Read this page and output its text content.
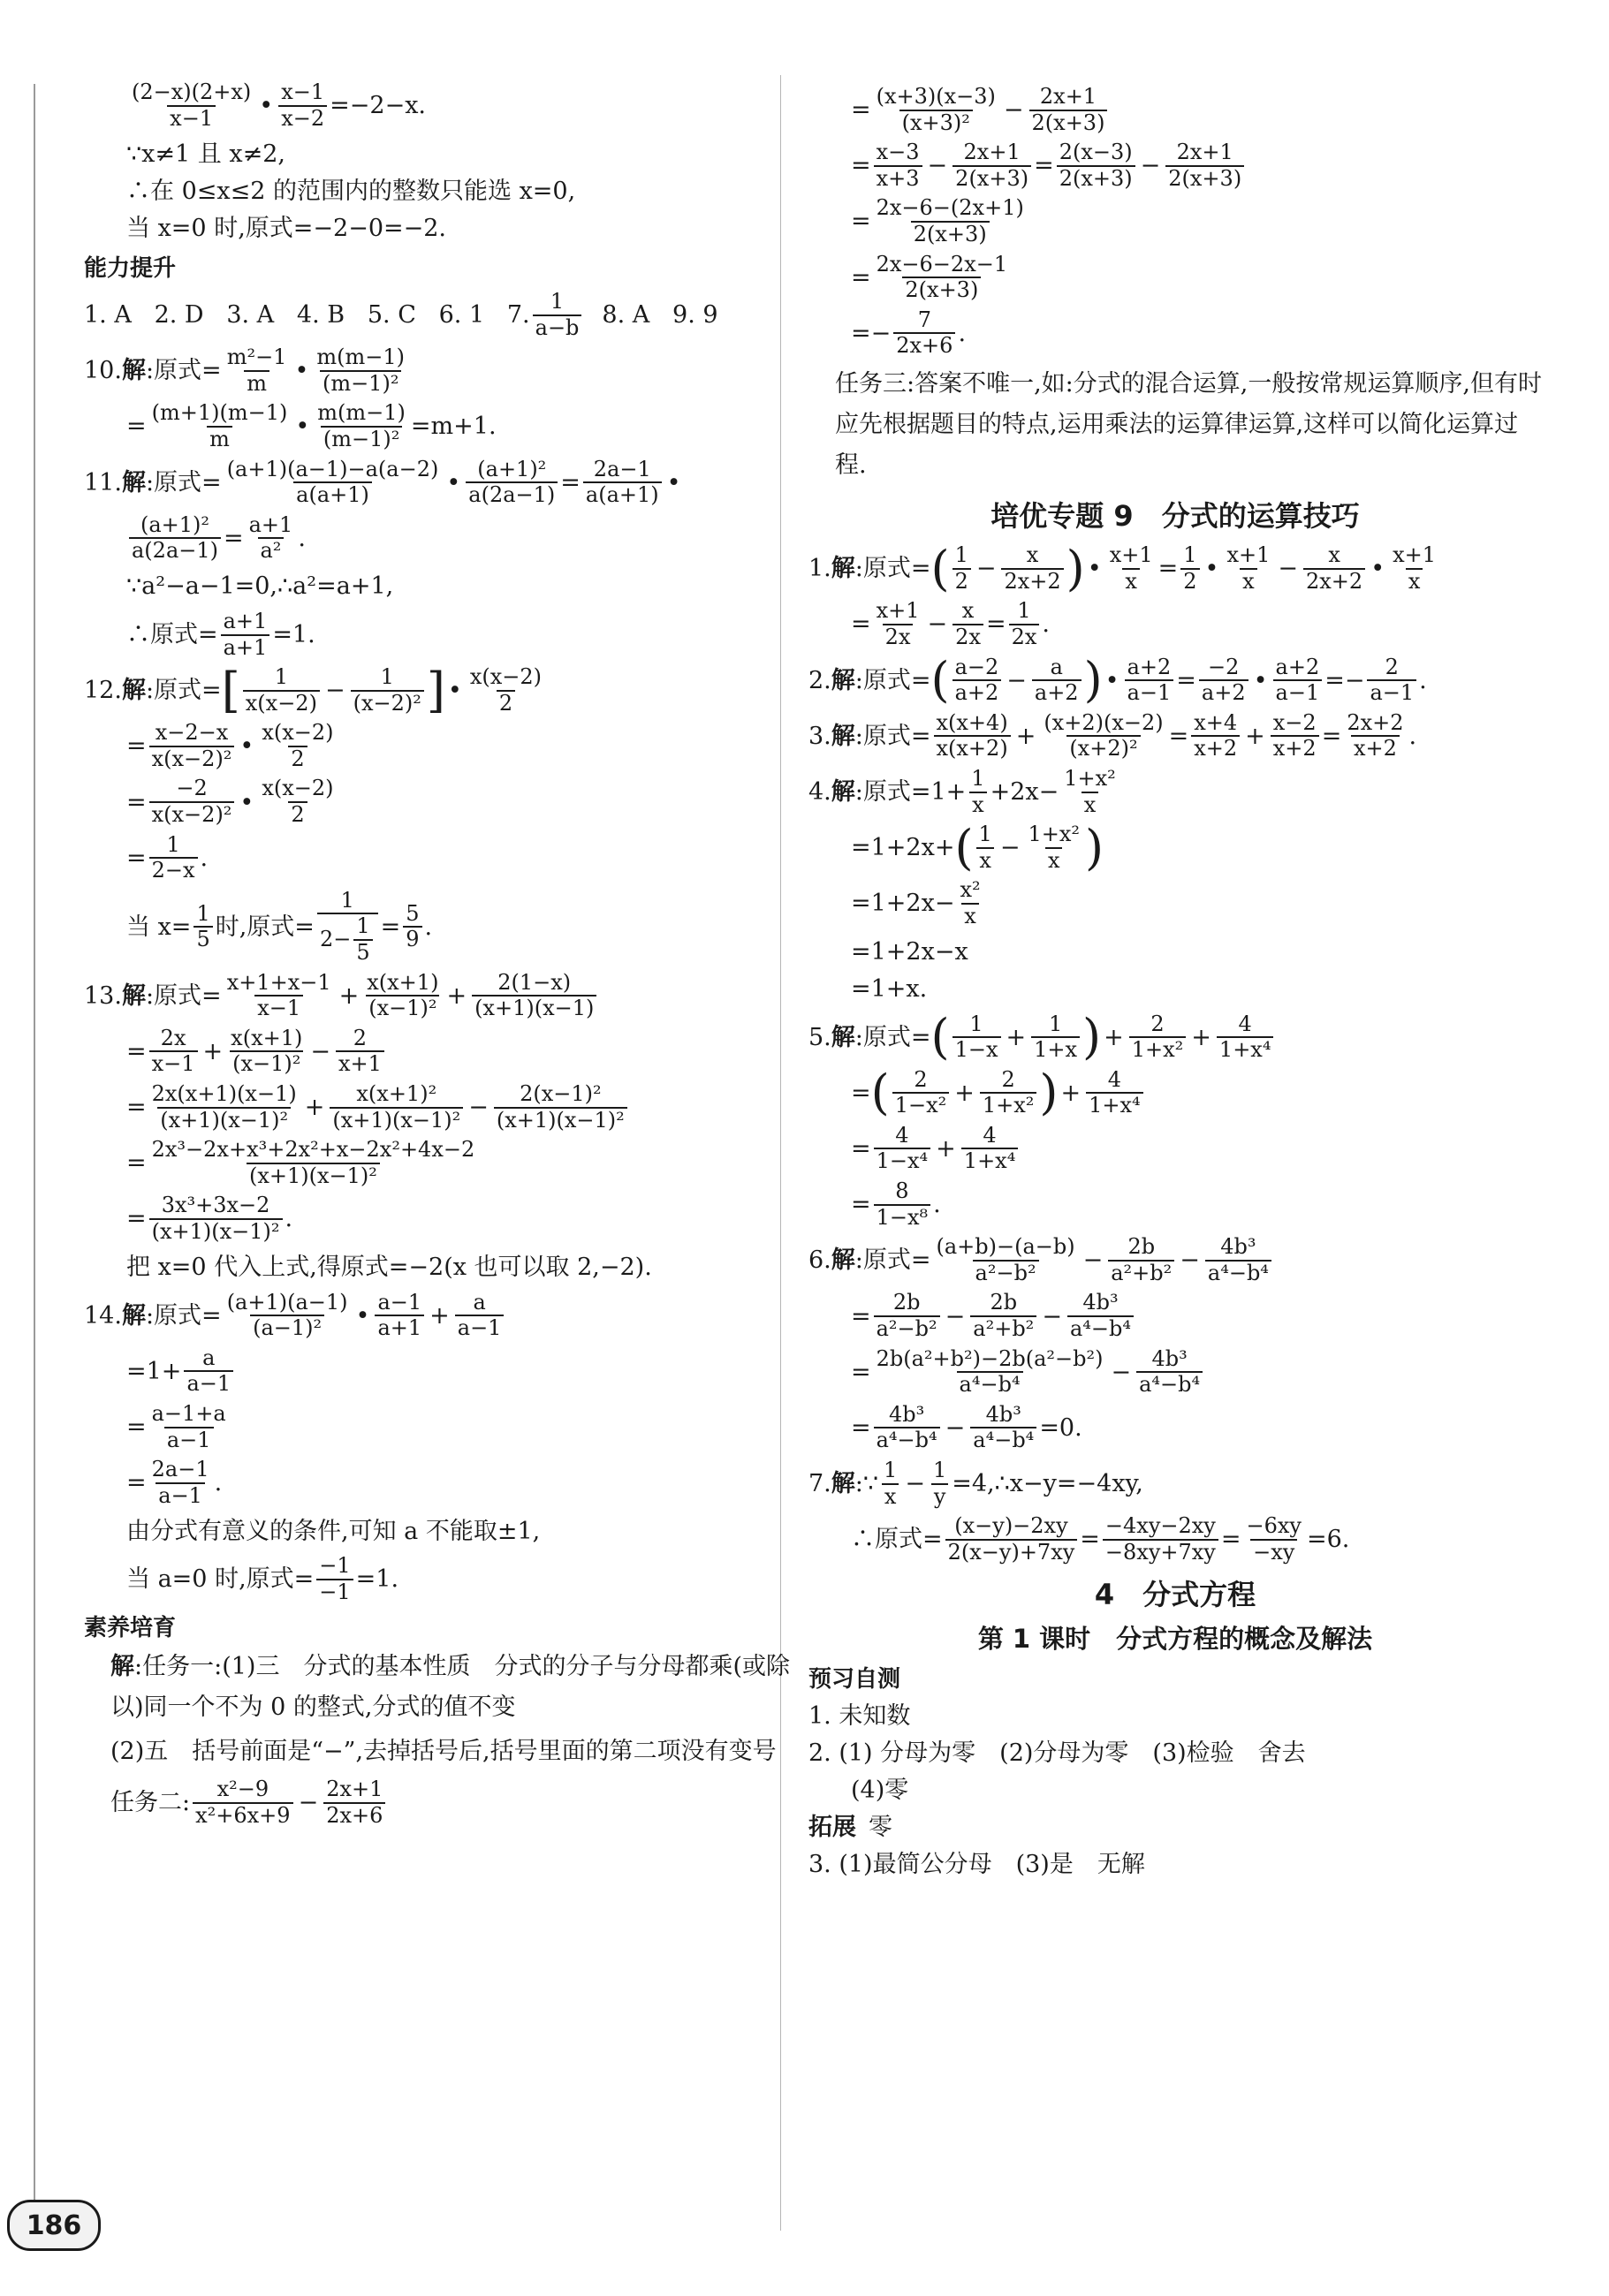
$\frac{(2-x)(2+x)}{x-1}$ • $\frac{x-1}{x-2} =-2-x$.
∵x≠1 且 x≠2,
∴在 0≤x≤2 的范围内的整数只能选 x=0,
当 x=0 时,原式=−2−0=−2.
能力提升
1. A   2. D   3. A   4. B   5. C   6. 1   7. $\frac{1}{a-b} 8$. A   9. 9
10. 解 :原式= $\frac{\text{m²−1}}{m}$ • $\frac{m(m-1)}{\text{(m−1)²}}$
= $\frac{(m+1)(m-1)}{m}$ • $\frac{m(m-1)}{\text{(m−1)²}} =m+1$.
11. 解 :原式= $\frac{(a+1)(a-1)-a(a-2)}{a(a+1)}$ • $\frac{\text{(a+1)²}}{a(2a-1)} = \frac{2a-1}{a(a+1)}$ •
$\frac{\text{(a+1)²}}{a(2a-1)} = \frac{a+1}{\text{a²}}$ .
∵a²−a−1=0,∴a²=a+1,
∴原式= $\frac{a+1}{a+1} =1$.
12. 解 :原式= [ $\frac{1}{x(x-2)} - \frac{1}{\text{(x−2)²}}$ ] • $\frac{x(x-2)}{2}$
= $\frac{x-2-x}{\text{x(x−2)²}}$ • $\frac{x(x-2)}{2}$
= $\frac{-2}{\text{x(x−2)²}}$ • $\frac{x(x-2)}{2}$
= $\frac{1}{2-x}$ .
当 $x= \frac{1}{5}$ 时,原式= $\frac{1}{2- \frac{1}{5}} = \frac{5}{9}$ .
13. 解 :原式= $\frac{x+1+x-1}{x-1} + \frac{x(x+1)}{\text{(x−1)²}} + \frac{2(1-x)}{(x+1)(x-1)}$
= $\frac{2x}{x-1} + \frac{x(x+1)}{\text{(x−1)²}} - \frac{2}{x+1}$
= $\frac{2x(x+1)(x-1)}{\text{(x+1)(x−1)²}} + \frac{\text{x(x+1)²}}{\text{(x+1)(x−1)²}} - \frac{\text{2(x−1)²}}{\text{(x+1)(x−1)²}}$
= $\frac{\text{2x³−2x+x³+2x²+x−2x²+4x−2}}{\text{(x+1)(x−1)²}}$
= $\frac{\text{3x³+3x−2}}{\text{(x+1)(x−1)²}}$ .
把 x=0 代入上式,得原式=−2(x 也可以取 2,−2).
14. 解 :原式= $\frac{(a+1)(a-1)}{\text{(a−1)²}}$ • $\frac{a-1}{a+1} + \frac{a}{a-1}$
$=1+ \frac{a}{a-1}$
= $\frac{a-1+a}{a-1}$
= $\frac{2a-1}{a-1}$ .
由分式有意义的条件,可知 a 不能取±1,
当 a=0 时,原式= $\frac{-1}{-1} =1$.
素养培育
解:任务一:(1)三　分式的基本性质　分式的分子与分母都乘(或除以)同一个不为 0 的整式,分式的值不变
(2)五　括号前面是“−”,去掉括号后,括号里面的第二项没有变号
任务二: $\frac{\text{x²−9}}{\text{x²+6x+9}} - \frac{2x+1}{2x+6}$
= $\frac{(x+3)(x-3)}{\text{(x+3)²}} - \frac{2x+1}{2(x+3)}$
= $\frac{x-3}{x+3} - \frac{2x+1}{2(x+3)} = \frac{2(x-3)}{2(x+3)} - \frac{2x+1}{2(x+3)}$
= $\frac{2x-6-(2x+1)}{2(x+3)}$
= $\frac{2x-6-2x-1}{2(x+3)}$
=− $\frac{7}{2x+6}$ .
任务三:答案不唯一,如:分式的混合运算,一般按常规运算顺序,但有时应先根据题目的特点,运用乘法的运算律运算,这样可以简化运算过程.
培优专题 9　分式的运算技巧
1. 解 :原式= ( $\frac{1}{2} - \frac{x}{2x+2}$ ) • $\frac{x+1}{x} = \frac{1}{2}$ • $\frac{x+1}{x} - \frac{x}{2x+2}$ • $\frac{x+1}{x}$
= $\frac{x+1}{2x} - \frac{x}{2x} = \frac{1}{2x}$ .
2. 解 :原式= ( $\frac{a-2}{a+2} - \frac{a}{a+2}$ ) • $\frac{a+2}{a-1} = \frac{-2}{a+2}$ • $\frac{a+2}{a-1} =- \frac{2}{a-1}$ .
3. 解 :原式= $\frac{x(x+4)}{x(x+2)} + \frac{(x+2)(x-2)}{\text{(x+2)²}} = \frac{x+4}{x+2} + \frac{x-2}{x+2} = \frac{2x+2}{x+2}$ .
4. 解 :原式$=1+ \frac{1}{x} +2x- \frac{\text{1+x²}}{x}$
=1+2x+ ( $\frac{1}{x} - \frac{\text{1+x²}}{x}$ )
$=1+2x- \frac{\text{x²}}{x}$
=1+2x−x
=1+x.
5. 解 :原式= ( $\frac{1}{1-x} + \frac{1}{1+x}$ ) + $\frac{2}{\text{1+x²}} + \frac{4}{\text{1+x⁴}}$
= ( $\frac{2}{\text{1−x²}} + \frac{2}{\text{1+x²}}$ ) + $\frac{4}{\text{1+x⁴}}$
= $\frac{4}{\text{1−x⁴}} + \frac{4}{\text{1+x⁴}}$
= $\frac{8}{\text{1−x⁸}}$ .
6. 解 :原式= $\frac{(a+b)-(a-b)}{\text{a²−b²}} - \frac{2b}{\text{a²+b²}} - \frac{\text{4b³}}{\text{a⁴−b⁴}}$
= $\frac{2b}{\text{a²−b²}} - \frac{2b}{\text{a²+b²}} - \frac{\text{4b³}}{\text{a⁴−b⁴}}$
= $\frac{\text{2b(a²+b²)−2b(a²−b²)}}{\text{a⁴−b⁴}} - \frac{\text{4b³}}{\text{a⁴−b⁴}}$
= $\frac{\text{4b³}}{\text{a⁴−b⁴}} - \frac{\text{4b³}}{\text{a⁴−b⁴}} =0$.
7. 解 :∵ $\frac{1}{x} - \frac{1}{y}$ =4,∴x−y=−4xy,
∴原式= $\frac{(x-y)-2xy}{2(x-y)+7xy} = \frac{-4xy-2xy}{-8xy+7xy} = \frac{-6xy}{-xy} =6$.
4　分式方程
第 1 课时　分式方程的概念及解法
预习自测
1. 未知数
2. (1) 分母为零　(2)分母为零　(3)检验　舍去
(4)零
拓展 零
3. (1)最简公分母　(3)是　无解
186
